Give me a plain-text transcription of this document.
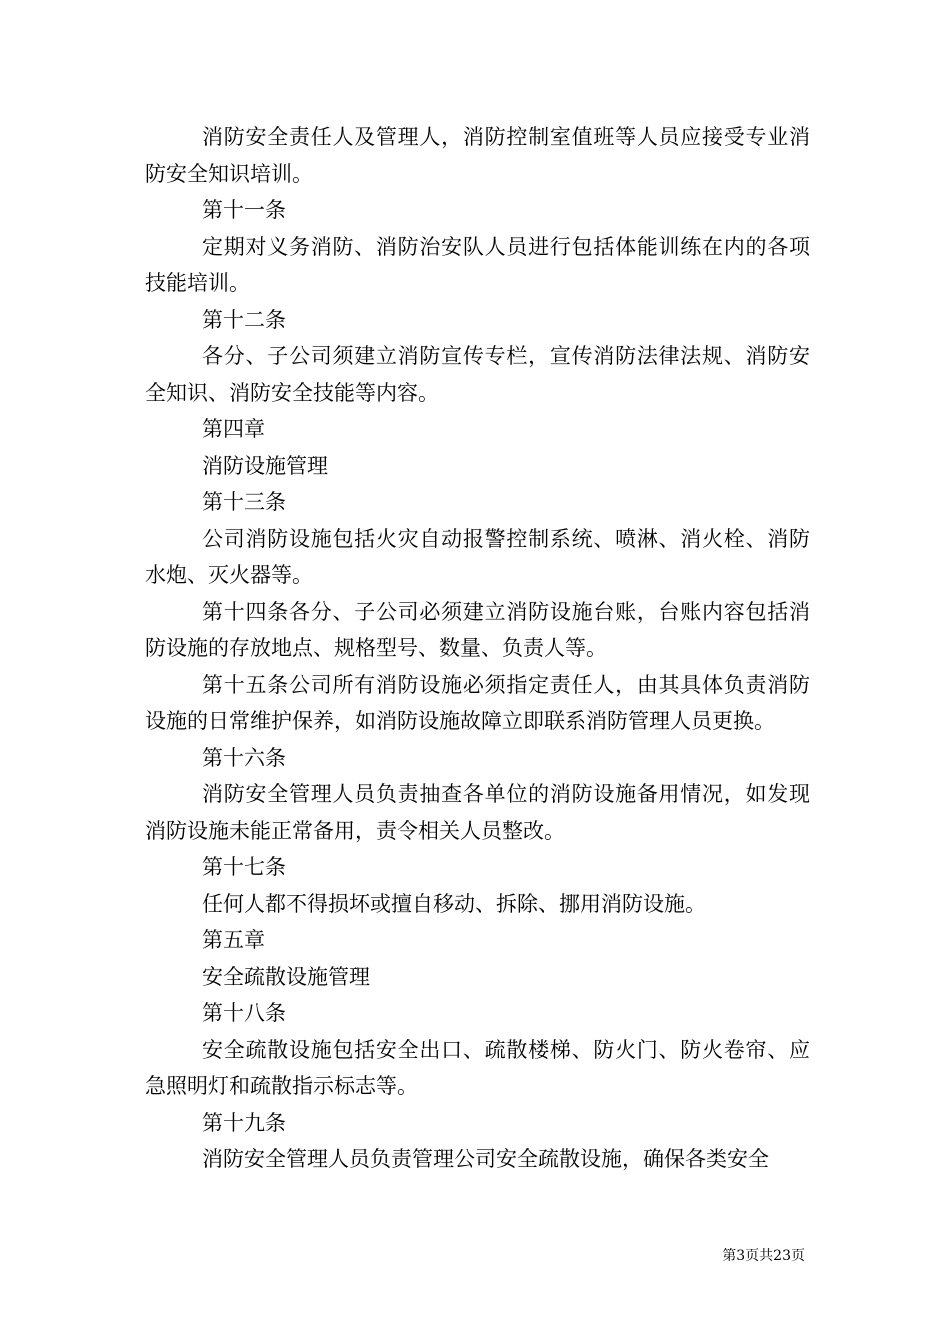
消防安全责任人及管理人，消防控制室值班等人员应接受专业消防安全知识培训。

第十一条

定期对义务消防、消防治安队人员进行包括体能训练在内的各项技能培训。

第十二条

各分、子公司须建立消防宣传专栏，宣传消防法律法规、消防安全知识、消防安全技能等内容。

第四章

消防设施管理

第十三条

公司消防设施包括火灾自动报警控制系统、喷淋、消火栓、消防水炮、灭火器等。

第十四条各分、子公司必须建立消防设施台账，台账内容包括消防设施的存放地点、规格型号、数量、负责人等。

第十五条公司所有消防设施必须指定责任人，由其具体负责消防设施的日常维护保养，如消防设施故障立即联系消防管理人员更换。

第十六条

消防安全管理人员负责抽查各单位的消防设施备用情况，如发现消防设施未能正常备用，责令相关人员整改。

第十七条

任何人都不得损坏或擅自移动、拆除、挪用消防设施。

第五章

安全疏散设施管理

第十八条

安全疏散设施包括安全出口、疏散楼梯、防火门、防火卷帘、应急照明灯和疏散指示标志等。

第十九条

消防安全管理人员负责管理公司安全疏散设施，确保各类安全

第3页共23页
